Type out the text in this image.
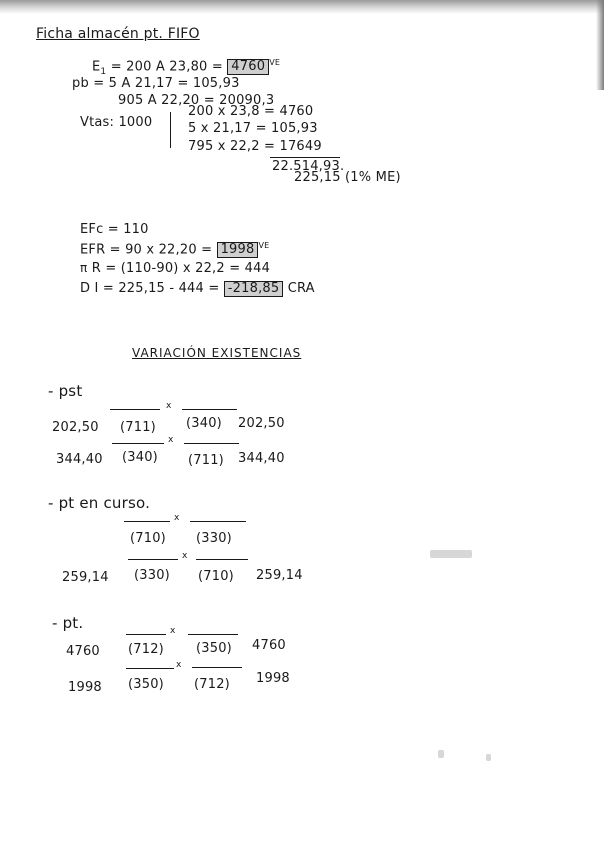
Ficha almacén pt. FIFO
$E_1 = 200$ A 23,80 = 4760 $^{VE}$
pb = 5 A 21,17 = 105,93
905 A 22,20 = 20090,3
Vtas: 1000
200 x 23,8 = 4760
5 x 21,17 = 105,93
795 x 22,2 = 17649
22.514,93.
225,15 (1% ME)
EFc = 110
EFR = 90 x 22,20 = 1998 $^{VE}$
π R = (110-90) x 22,2 = 444
D I = 225,15 - 444 = -218,85 CRA
VARIACIÓN EXISTENCIAS
- pst
x
202,50 (711) (340) 202,50
x
344,40 (340) (711) 344,40
- pt en curso.
x
(710) (330)
x
259,14 (330) (710) 259,14
- pt.	x
4760 (712) (350) 4760
x
1998 (350) (712) 1998
